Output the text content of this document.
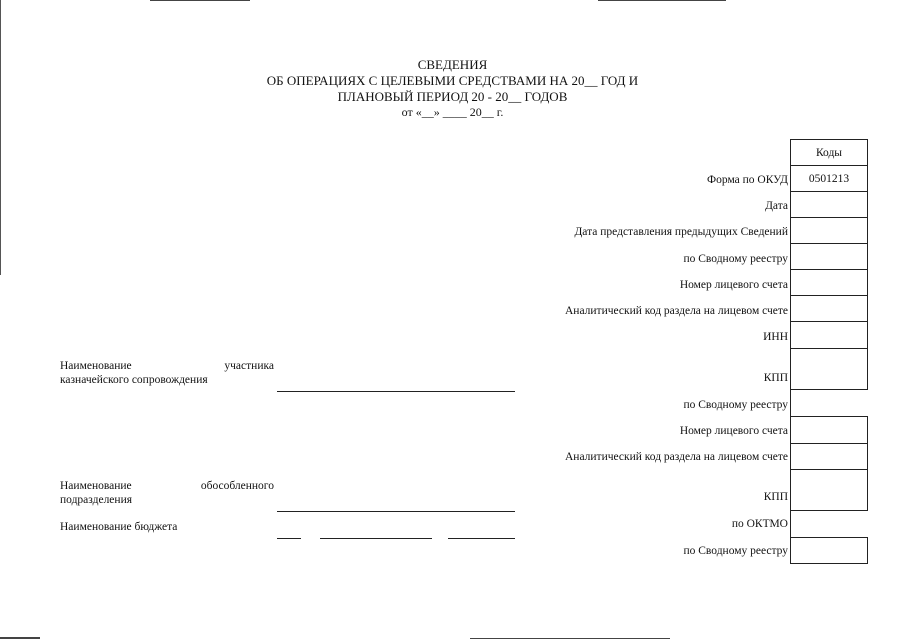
СВЕДЕНИЯ
ОБ ОПЕРАЦИЯХ С ЦЕЛЕВЫМИ СРЕДСТВАМИ НА 20__ ГОД И
ПЛАНОВЫЙ ПЕРИОД 20 - 20__ ГОДОВ
от «__» ____ 20__ г.
Коды
0501213
Форма по ОКУД
Дата
Дата представления предыдущих Сведений
по Сводному реестру
Номер лицевого счета
Аналитический код раздела на лицевом счете
ИНН
КПП
по Сводному реестру
Номер лицевого счета
Аналитический код раздела на лицевом счете
КПП
по ОКТМО
по Сводному реестру
Наименование участника
казначейского сопровождения
Наименование обособленного
подразделения
Наименование бюджета
